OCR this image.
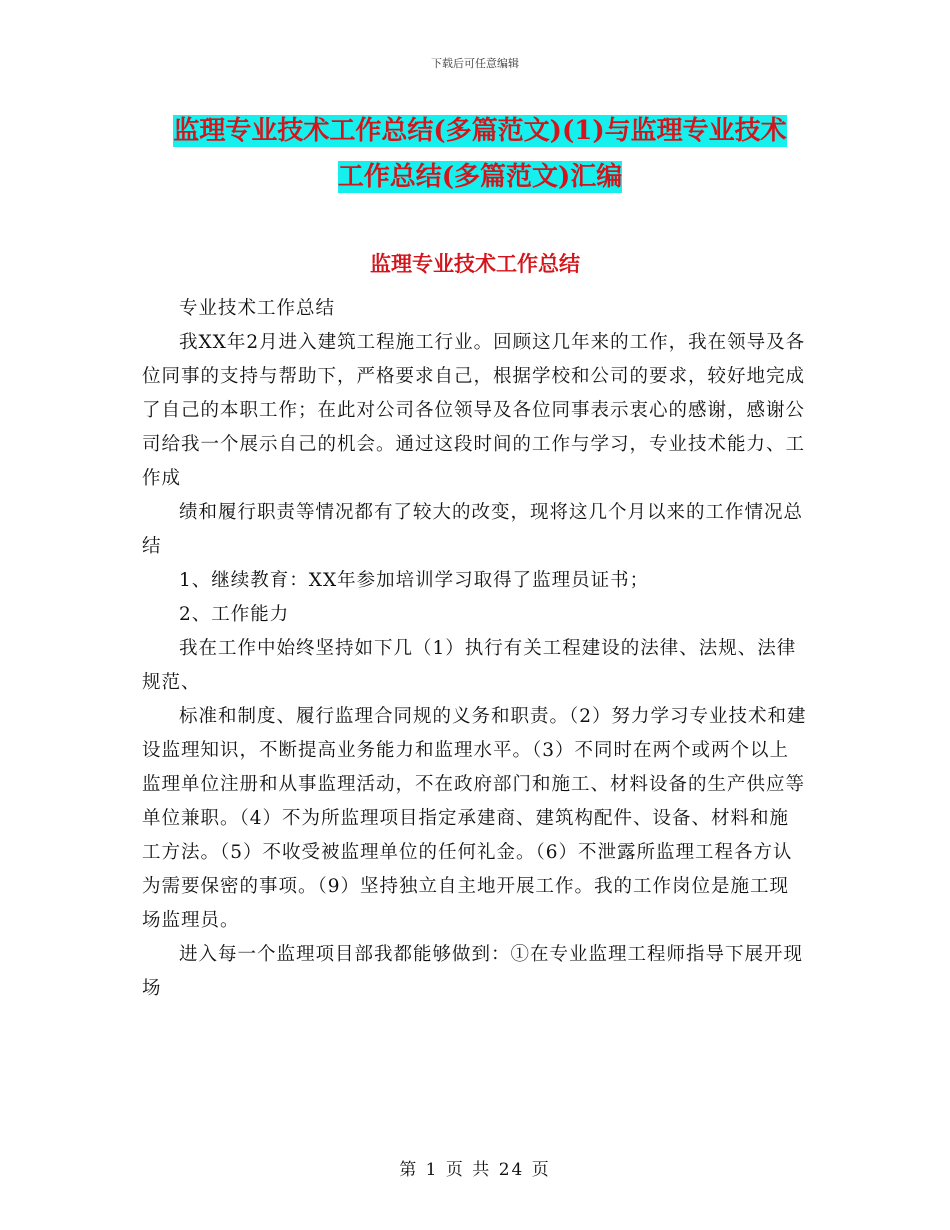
下载后可任意编辑
监理专业技术工作总结(多篇范文)(1)与监理专业技术
工作总结(多篇范文)汇编
监理专业技术工作总结

专业技术工作总结

我XX年2月进入建筑工程施工行业。回顾这几年来的工作，我在领导及各位同事的支持与帮助下，严格要求自己，根据学校和公司的要求，较好地完成了自己的本职工作；在此对公司各位领导及各位同事表示衷心的感谢，感谢公司给我一个展示自己的机会。通过这段时间的工作与学习，专业技术能力、工作成

绩和履行职责等情况都有了较大的改变，现将这几个月以来的工作情况总结

1、继续教育：XX年参加培训学习取得了监理员证书；

2、工作能力

我在工作中始终坚持如下几（1）执行有关工程建设的法律、法规、法律规范、

标准和制度、履行监理合同规的义务和职责。（2）努力学习专业技术和建设监理知识，不断提高业务能力和监理水平。（3）不同时在两个或两个以上监理单位注册和从事监理活动，不在政府部门和施工、材料设备的生产供应等单位兼职。（4）不为所监理项目指定承建商、建筑构配件、设备、材料和施工方法。（5）不收受被监理单位的任何礼金。（6）不泄露所监理工程各方认为需要保密的事项。（9）坚持独立自主地开展工作。我的工作岗位是施工现场监理员。

进入每一个监理项目部我都能够做到：①在专业监理工程师指导下展开现场

第 1 页 共 24 页
